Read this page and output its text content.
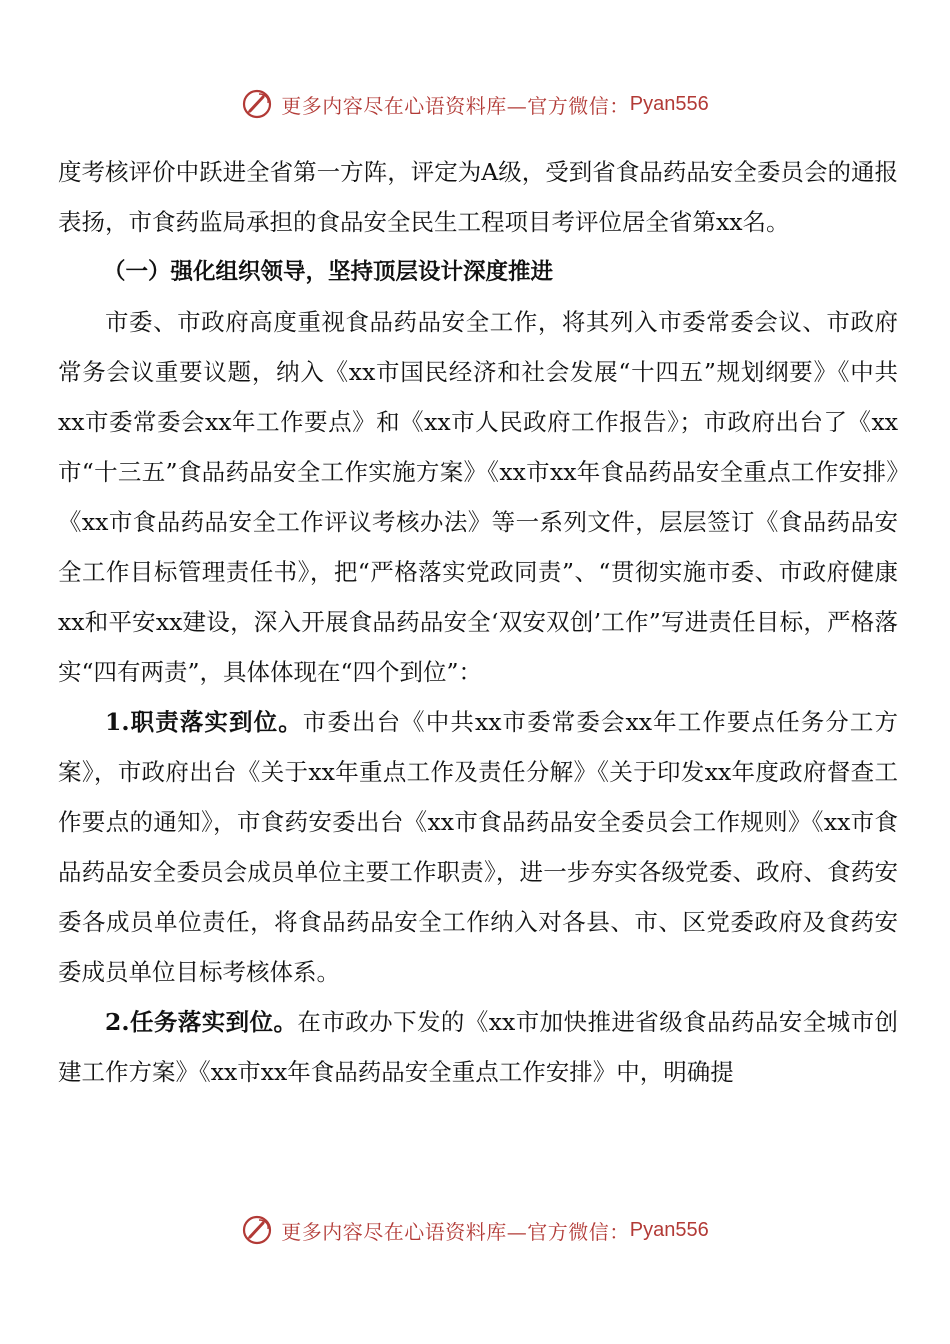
更多内容尽在心语资料库—官方微信： Pyan556

度考核评价中跃进全省第一方阵，评定为A级，受到省食品药品安全委员会的通报表扬，市食药监局承担的食品安全民生工程项目考评位居全省第xx名。

（一）强化组织领导，坚持顶层设计深度推进

市委、市政府高度重视食品药品安全工作，将其列入市委常委会议、市政府常务会议重要议题，纳入《xx市国民经济和社会发展“十四五”规划纲要》《中共xx市委常委会xx年工作要点》和《xx市人民政府工作报告》；市政府出台了《xx市“十三五”食品药品安全工作实施方案》《xx市xx年食品药品安全重点工作安排》《xx市食品药品安全工作评议考核办法》等一系列文件，层层签订《食品药品安全工作目标管理责任书》，把“严格落实党政同责”、“贯彻实施市委、市政府健康xx和平安xx建设，深入开展食品药品安全‘双安双创’工作”写进责任目标，严格落实“四有两责”，具体体现在“四个到位”：

1.职责落实到位。市委出台《中共xx市委常委会xx年工作要点任务分工方案》，市政府出台《关于xx年重点工作及责任分解》《关于印发xx年度政府督查工作要点的通知》，市食药安委出台《xx市食品药品安全委员会工作规则》《xx市食品药品安全委员会成员单位主要工作职责》，进一步夯实各级党委、政府、食药安委各成员单位责任，将食品药品安全工作纳入对各县、市、区党委政府及食药安委成员单位目标考核体系。

2.任务落实到位。在市政办下发的《xx市加快推进省级食品药品安全城市创建工作方案》《xx市xx年食品药品安全重点工作安排》中，明确提

更多内容尽在心语资料库—官方微信： Pyan556
